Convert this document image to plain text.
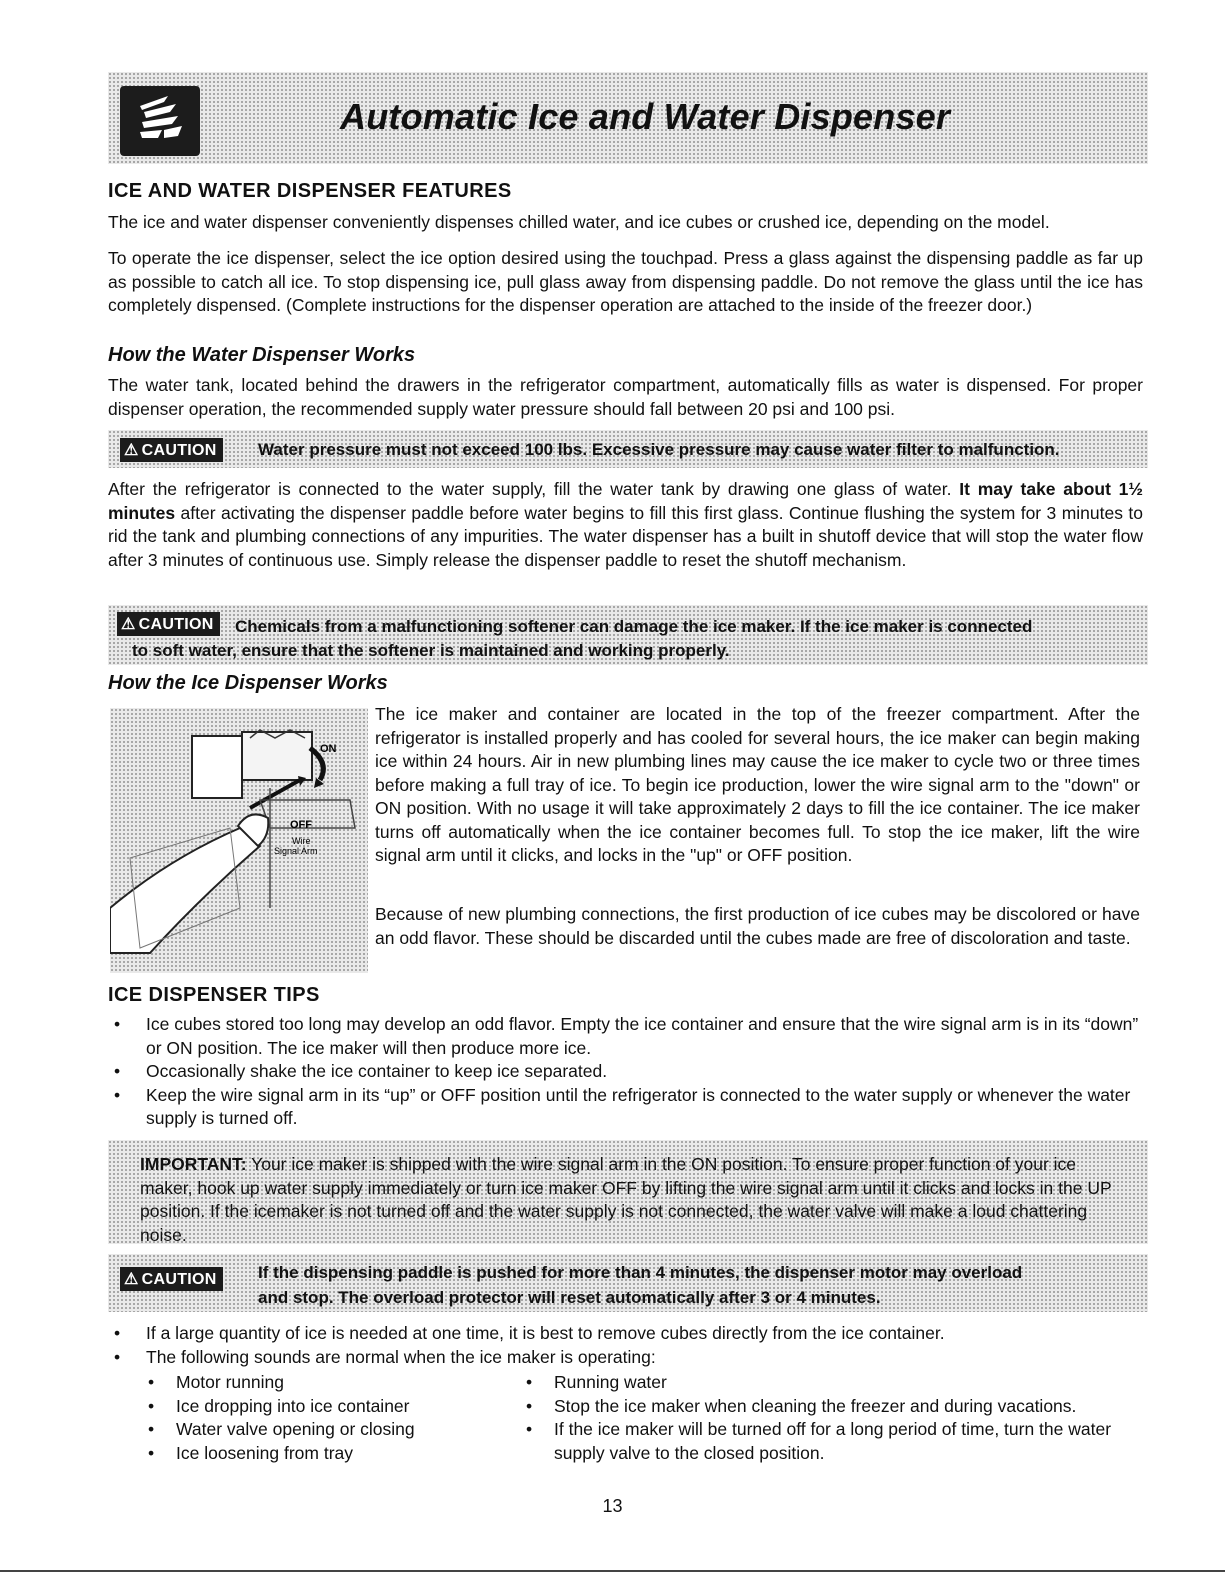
Automatic Ice and Water Dispenser
ICE AND WATER DISPENSER FEATURES
The ice and water dispenser conveniently dispenses chilled water, and ice cubes or crushed ice, depending on the model.
To operate the ice dispenser, select the ice option desired using the touchpad. Press a glass against the dispensing paddle as far up as possible to catch all ice. To stop dispensing ice, pull glass away from dispensing paddle. Do not remove the glass until the ice has completely dispensed. (Complete instructions for the dispenser operation are attached to the inside of the freezer door.)
How the Water Dispenser Works
The water tank, located behind the drawers in the refrigerator compartment, automatically fills as water is dispensed. For proper dispenser operation, the recommended supply water pressure should fall between 20 psi and 100 psi.
⚠ CAUTION	Water pressure must not exceed 100 lbs. Excessive pressure may cause water filter to malfunction.
After the refrigerator is connected to the water supply, fill the water tank by drawing one glass of water. It may take about 1½ minutes after activating the dispenser paddle before water begins to fill this first glass. Continue flushing the system for 3 minutes to rid the tank and plumbing connections of any impurities. The water dispenser has a built in shutoff device that will stop the water flow after 3 minutes of continuous use. Simply release the dispenser paddle to reset the shutoff mechanism.
⚠ CAUTION	Chemicals from a malfunctioning softener can damage the ice maker. If the ice maker is connected
to soft water, ensure that the softener is maintained and working properly.
How the Ice Dispenser Works
ON
OFF
Wire
Signal Arm
The ice maker and container are located in the top of the freezer compartment. After the refrigerator is installed properly and has cooled for several hours, the ice maker can begin making ice within 24 hours. Air in new plumbing lines may cause the ice maker to cycle two or three times before making a full tray of ice. To begin ice production, lower the wire signal arm to the "down" or ON position. With no usage it will take approximately 2 days to fill the ice container. The ice maker turns off automatically when the ice container becomes full. To stop the ice maker, lift the wire signal arm until it clicks, and locks in the "up" or OFF position.
Because of new plumbing connections, the first production of ice cubes may be discolored or have an odd flavor. These should be discarded until the cubes made are free of discoloration and taste.
ICE DISPENSER TIPS
• Ice cubes stored too long may develop an odd flavor. Empty the ice container and ensure that the wire signal arm is in its “down” or ON position. The ice maker will then produce more ice.
• Occasionally shake the ice container to keep ice separated.
• Keep the wire signal arm in its “up” or OFF position until the refrigerator is connected to the water supply or whenever the water supply is turned off.
IMPORTANT: Your ice maker is shipped with the wire signal arm in the ON position. To ensure proper function of your ice maker, hook up water supply immediately or turn ice maker OFF by lifting the wire signal arm until it clicks and locks in the UP position. If the icemaker is not turned off and the water supply is not connected, the water valve will make a loud chattering noise.
⚠ CAUTION	If the dispensing paddle is pushed for more than 4 minutes, the dispenser motor may overload
and stop. The overload protector will reset automatically after 3 or 4 minutes.
• If a large quantity of ice is needed at one time, it is best to remove cubes directly from the ice container.
• The following sounds are normal when the ice maker is operating:
• Motor running
• Ice dropping into ice container
• Water valve opening or closing
• Ice loosening from tray
• Running water
• Stop the ice maker when cleaning the freezer and during vacations.
• If the ice maker will be turned off for a long period of time, turn the water supply valve to the closed position.
13
